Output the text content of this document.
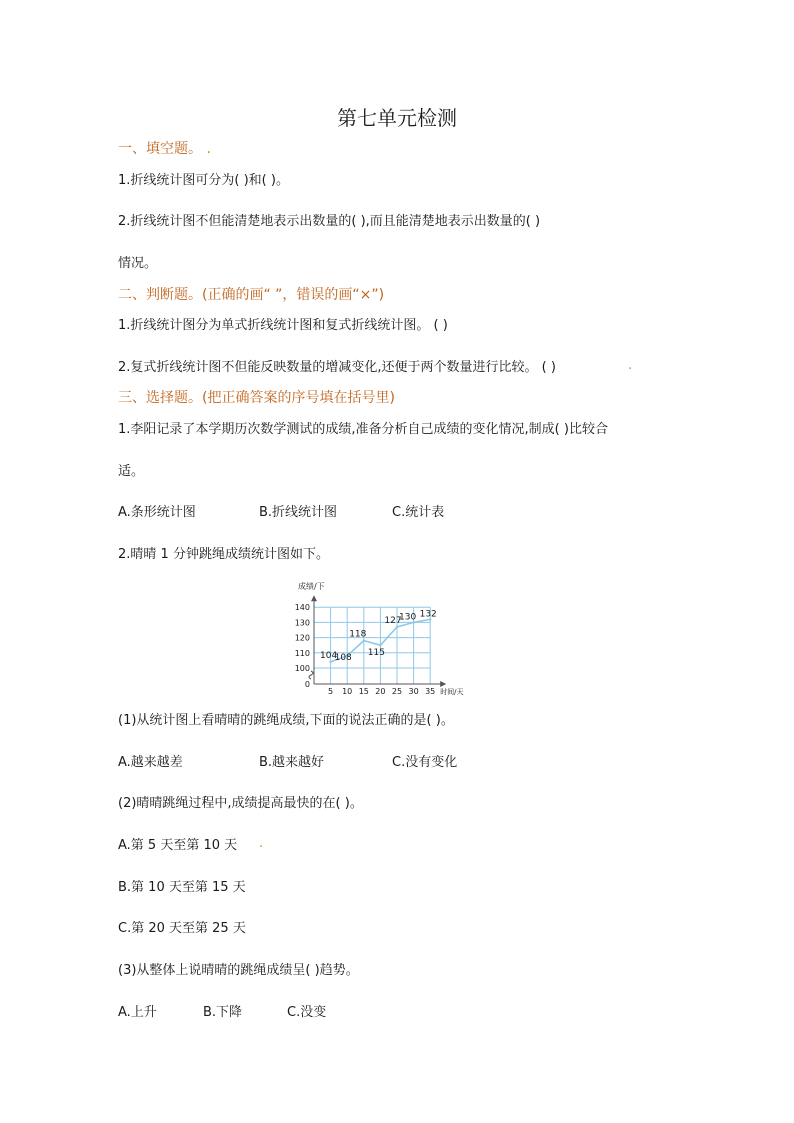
第七单元检测
一、填空题。 .
1.折线统计图可分为( )和( )。
2.折线统计图不但能清楚地表示出数量的( ),而且能清楚地表示出数量的( )
情况。
二、判断题。(正确的画“ ”，错误的画“×”)
1.折线统计图分为单式折线统计图和复式折线统计图。 ( )
2.复式折线统计图不但能反映数量的增减变化,还便于两个数量进行比较。 ( )	.
三、选择题。(把正确答案的序号填在括号里)
1.李阳记录了本学期历次数学测试的成绩,准备分析自己成绩的变化情况,制成( )比较合
适。
A.条形统计图	B.折线统计图	C.统计表
2.晴晴 1 分钟跳绳成绩统计图如下。
0
100
110
120
130
140
5 10 15 20 25 30 35
成绩/下
时间/天
104
108
118
115
127
130 132
(1)从统计图上看晴晴的跳绳成绩,下面的说法正确的是( )。
A.越来越差	B.越来越好	C.没有变化
(2)晴晴跳绳过程中,成绩提高最快的在( )。
A.第 5 天至第 10 天 .
B.第 10 天至第 15 天
C.第 20 天至第 25 天
(3)从整体上说晴晴的跳绳成绩呈( )趋势。
A.上升	B.下降	C.没变
